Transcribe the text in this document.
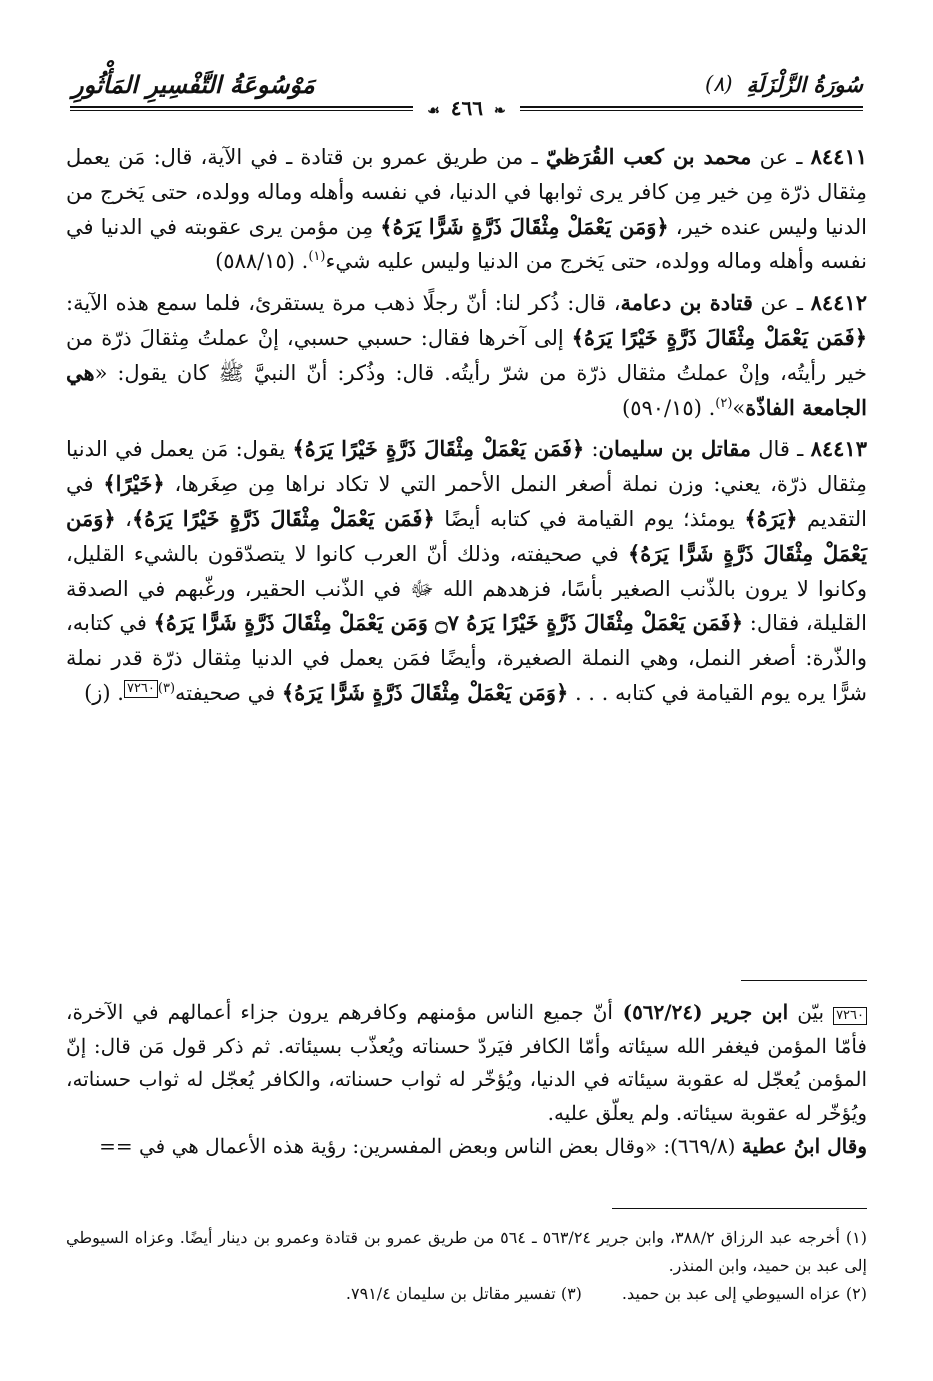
مَوْسُوعَةُ التَّفْسِيرِ المَأْثُورِ	سُورَةُ الزَّلْزَلَةِ
(٨)
❧ ٤٦٦ ☙

٨٤٤١١ ـ عن محمد بن كعب القُرَظيّ ـ من طريق عمرو بن قتادة ـ في الآية، قال: مَن يعمل مِثقال ذرّة مِن خير مِن كافر يرى ثوابها في الدنيا، في نفسه وأهله وماله وولده، حتى يَخرج من الدنيا وليس عنده خير، ﴿وَمَن يَعْمَلْ مِثْقَالَ ذَرَّةٍ شَرًّا يَرَهُ﴾ مِن مؤمن يرى عقوبته في الدنيا في نفسه وأهله وماله وولده، حتى يَخرج من الدنيا وليس عليه شيء$^{(١)}$. (٥٨٨/١٥)

٨٤٤١٢ ـ عن قتادة بن دعامة، قال: ذُكر لنا: أنّ رجلًا ذهب مرة يستقرئ، فلما سمع هذه الآية: ﴿فَمَن يَعْمَلْ مِثْقَالَ ذَرَّةٍ خَيْرًا يَرَهُ﴾ إلى آخرها فقال: حسبي حسبي، إنْ عملتُ مِثقالَ ذرّة من خير رأيتُه، وإنْ عملتُ مثقال ذرّة من شرّ رأيتُه. قال: وذُكر: أنّ النبيَّ ﷺ كان يقول: «هي الجامعة الفاذّة»$^{(٢)}$. (٥٩٠/١٥)

٨٤٤١٣ ـ قال مقاتل بن سليمان: ﴿فَمَن يَعْمَلْ مِثْقَالَ ذَرَّةٍ خَيْرًا يَرَهُ﴾ يقول: مَن يعمل في الدنيا مِثقال ذرّة، يعني: وزن نملة أصغر النمل الأحمر التي لا تكاد نراها مِن صِغَرها، ﴿خَيْرًا﴾ في التقديم ﴿يَرَهُ﴾ يومئذ؛ يوم القيامة في كتابه أيضًا ﴿فَمَن يَعْمَلْ مِثْقَالَ ذَرَّةٍ خَيْرًا يَرَهُ﴾، ﴿وَمَن يَعْمَلْ مِثْقَالَ ذَرَّةٍ شَرًّا يَرَهُ﴾ في صحيفته، وذلك أنّ العرب كانوا لا يتصدّقون بالشيء القليل، وكانوا لا يرون بالذّنب الصغير بأسًا، فزهدهم الله ﷻ في الذّنب الحقير، ورغّبهم في الصدقة القليلة، فقال: ﴿فَمَن يَعْمَلْ مِثْقَالَ ذَرَّةٍ خَيْرًا يَرَهُ ۝٧ وَمَن يَعْمَلْ مِثْقَالَ ذَرَّةٍ شَرًّا يَرَهُ﴾ في كتابه، والذّرة: أصغر النمل، وهي النملة الصغيرة، وأيضًا فمَن يعمل في الدنيا مِثقال ذرّة قدر نملة شرًّا يره يوم القيامة في كتابه . . . ﴿وَمَن يَعْمَلْ مِثْقَالَ ذَرَّةٍ شَرًّا يَرَهُ﴾ في صحيفته$^{(٣)}$٧٢٦٠. (ز)

٧٢٦٠ بيّن ابن جرير (٥٦٢/٢٤) أنّ جميع الناس مؤمنهم وكافرهم يرون جزاء أعمالهم في الآخرة، فأمّا المؤمن فيغفر الله سيئاته وأمّا الكافر فيَردّ حسناته ويُعذّب بسيئاته. ثم ذكر قول مَن قال: إنّ المؤمن يُعجّل له عقوبة سيئاته في الدنيا، ويُؤخّر له ثواب حسناته، والكافر يُعجّل له ثواب حسناته، ويُؤخّر له عقوبة سيئاته. ولم يعلّق عليه.

وقال ابنُ عطية (٦٦٩/٨): «وقال بعض الناس وبعض المفسرين: رؤية هذه الأعمال هي في ==

(١) أخرجه عبد الرزاق ٣٨٨/٢، وابن جرير ٥٦٣/٢٤ ـ ٥٦٤ من طريق عمرو بن قتادة وعمرو بن دينار أيضًا. وعزاه السيوطي إلى عبد بن حميد، وابن المنذر.

(٢) عزاه السيوطي إلى عبد بن حميد.
(٣) تفسير مقاتل بن سليمان ٧٩١/٤.
